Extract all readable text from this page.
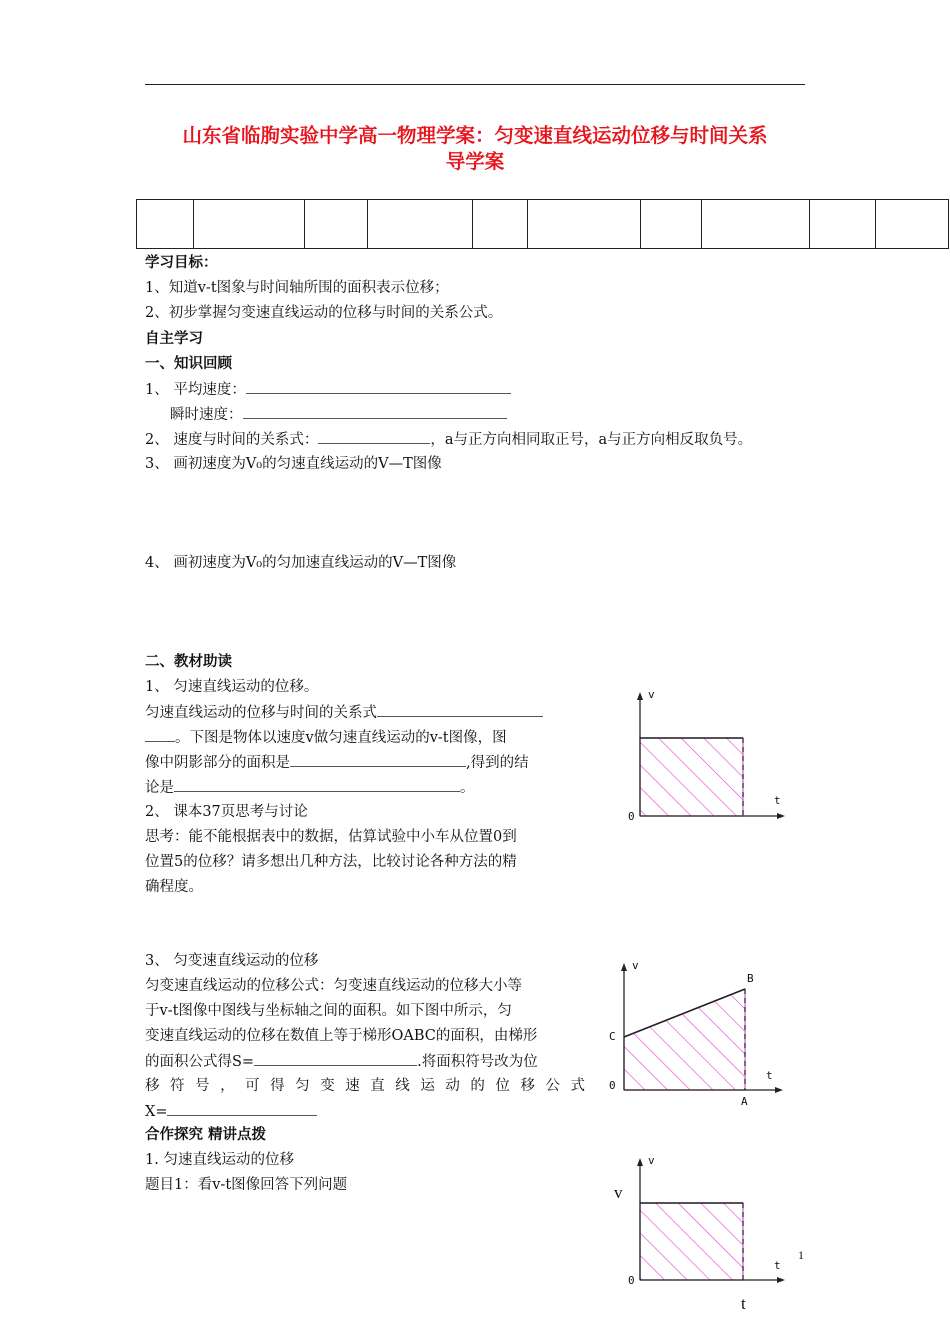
山东省临朐实验中学高一物理学案：匀变速直线运动位移与时间关系
导学案

学习目标：
1、知道v-t图象与时间轴所围的面积表示位移；
2、初步掌握匀变速直线运动的位移与时间的关系公式。
自主学习
一、知识回顾
1、 平均速度：
瞬时速度：
2、 速度与时间的关系式：	，a与正方向相同取正号，a与正方向相反取负号。
3、 画初速度为V₀的匀速直线运动的V—T图像
4、 画初速度为V₀的匀加速直线运动的V—T图像
二、教材助读
1、 匀速直线运动的位移。
匀速直线运动的位移与时间的关系式
。下图是物体以速度v做匀速直线运动的v-t图像，图
像中阴影部分的面积是	,得到的结
论是	。
2、 课本37页思考与讨论
思考：能不能根据表中的数据，估算试验中小车从位置0到
位置5的位移？请多想出几种方法，比较讨论各种方法的精
确程度。
3、 匀变速直线运动的位移
匀变速直线运动的位移公式：匀变速直线运动的位移大小等
于v-t图像中图线与坐标轴之间的面积。如下图中所示，匀
变速直线运动的位移在数值上等于梯形OABC的面积，由梯形
的面积公式得S=	.将面积符号改为位
移符号，可得匀变速直线运动的位移公式
X=
合作探究 精讲点拨
1. 匀速直线运动的位移
题目1：看v-t图像回答下列问题
v
t
0
v
B
C
0
t
A
v
t
0
v
t
1
